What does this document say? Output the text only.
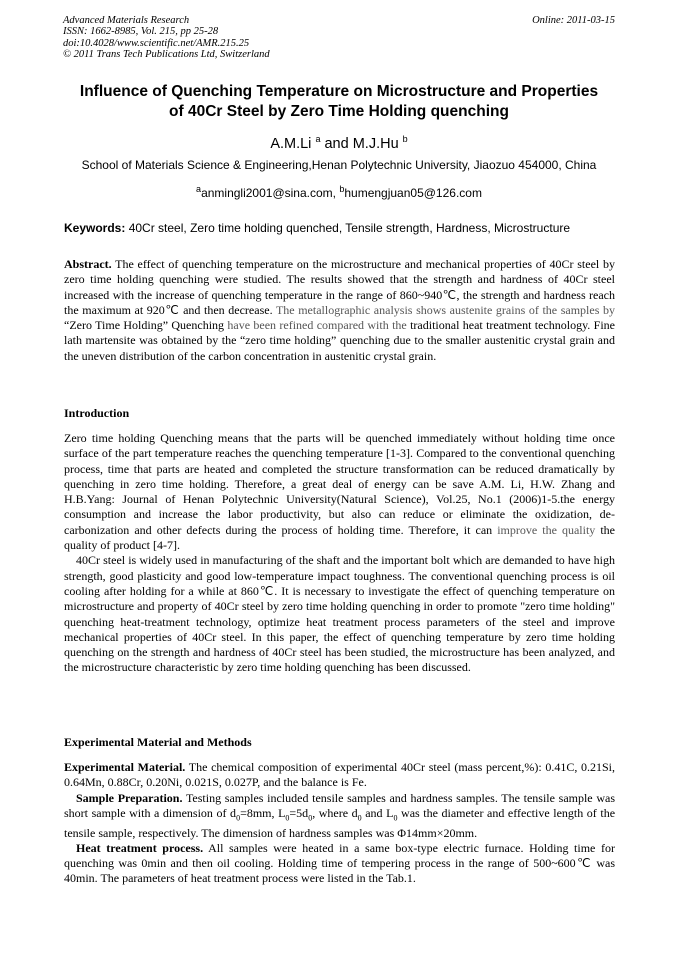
Advanced Materials Research
ISSN: 1662-8985, Vol. 215, pp 25-28
doi:10.4028/www.scientific.net/AMR.215.25
© 2011 Trans Tech Publications Ltd, Switzerland
Online: 2011-03-15
Influence of Quenching Temperature on Microstructure and Properties
of 40Cr Steel by Zero Time Holding quenching
A.M.Li $^a$ and M.J.Hu $^b$
School of Materials Science & Engineering,Henan Polytechnic University, Jiaozuo 454000, China
$^a$anmingli2001@sina.com, $^b$humengjuan05@126.com
Keywords: 40Cr steel, Zero time holding quenched, Tensile strength, Hardness, Microstructure

Abstract. The effect of quenching temperature on the microstructure and mechanical properties of 40Cr steel by zero time holding quenching were studied. The results showed that the strength and hardness of 40Cr steel increased with the increase of quenching temperature in the range of 860~940℃, the strength and hardness reach the maximum at 920℃ and then decrease. The metallographic analysis shows austenite grains of the samples by “Zero Time Holding” Quenching have been refined compared with the traditional heat treatment technology. Fine lath martensite was obtained by the “zero time holding” quenching due to the smaller austenitic crystal grain and the uneven distribution of the carbon concentration in austenitic crystal grain.

Introduction

Zero time holding Quenching means that the parts will be quenched immediately without holding time once surface of the part temperature reaches the quenching temperature [1-3]. Compared to the conventional quenching process, time that parts are heated and completed the structure transformation can be reduced dramatically by quenching in zero time holding. Therefore, a great deal of energy can be save A.M. Li, H.W. Zhang and H.B.Yang: Journal of Henan Polytechnic University(Natural Science), Vol.25, No.1 (2006)1-5.the energy consumption and increase the labor productivity, but also can reduce or eliminate the oxidization, de-carbonization and other defects during the process of holding time. Therefore, it can improve the quality the quality of product [4-7].

40Cr steel is widely used in manufacturing of the shaft and the important bolt which are demanded to have high strength, good plasticity and good low-temperature impact toughness. The conventional quenching process is oil cooling after holding for a while at 860℃. It is necessary to investigate the effect of quenching temperature on microstructure and property of 40Cr steel by zero time holding quenching in order to promote "zero time holding" quenching heat-treatment technology, optimize heat treatment process parameters of the steel and improve mechanical properties of 40Cr steel. In this paper, the effect of quenching temperature by zero time holding quenching on the strength and hardness of 40Cr steel has been studied, the microstructure has been analyzed, and the microstructure characteristic by zero time holding quenching has been discussed.

Experimental Material and Methods

Experimental Material. The chemical composition of experimental 40Cr steel (mass percent,%): 0.41C, 0.21Si, 0.64Mn, 0.88Cr, 0.20Ni, 0.021S, 0.027P, and the balance is Fe.

Sample Preparation. Testing samples included tensile samples and hardness samples. The tensile sample was short sample with a dimension of $d_0=8mm$, $L_0=5d_0$, where $d_0$ and $L_0$ was the diameter and effective length of the tensile sample, respectively. The dimension of hardness samples was Φ14mm×20mm.

Heat treatment process. All samples were heated in a same box-type electric furnace. Holding time for quenching was 0min and then oil cooling. Holding time of tempering process in the range of 500~600℃ was 40min. The parameters of heat treatment process were listed in the Tab.1.
